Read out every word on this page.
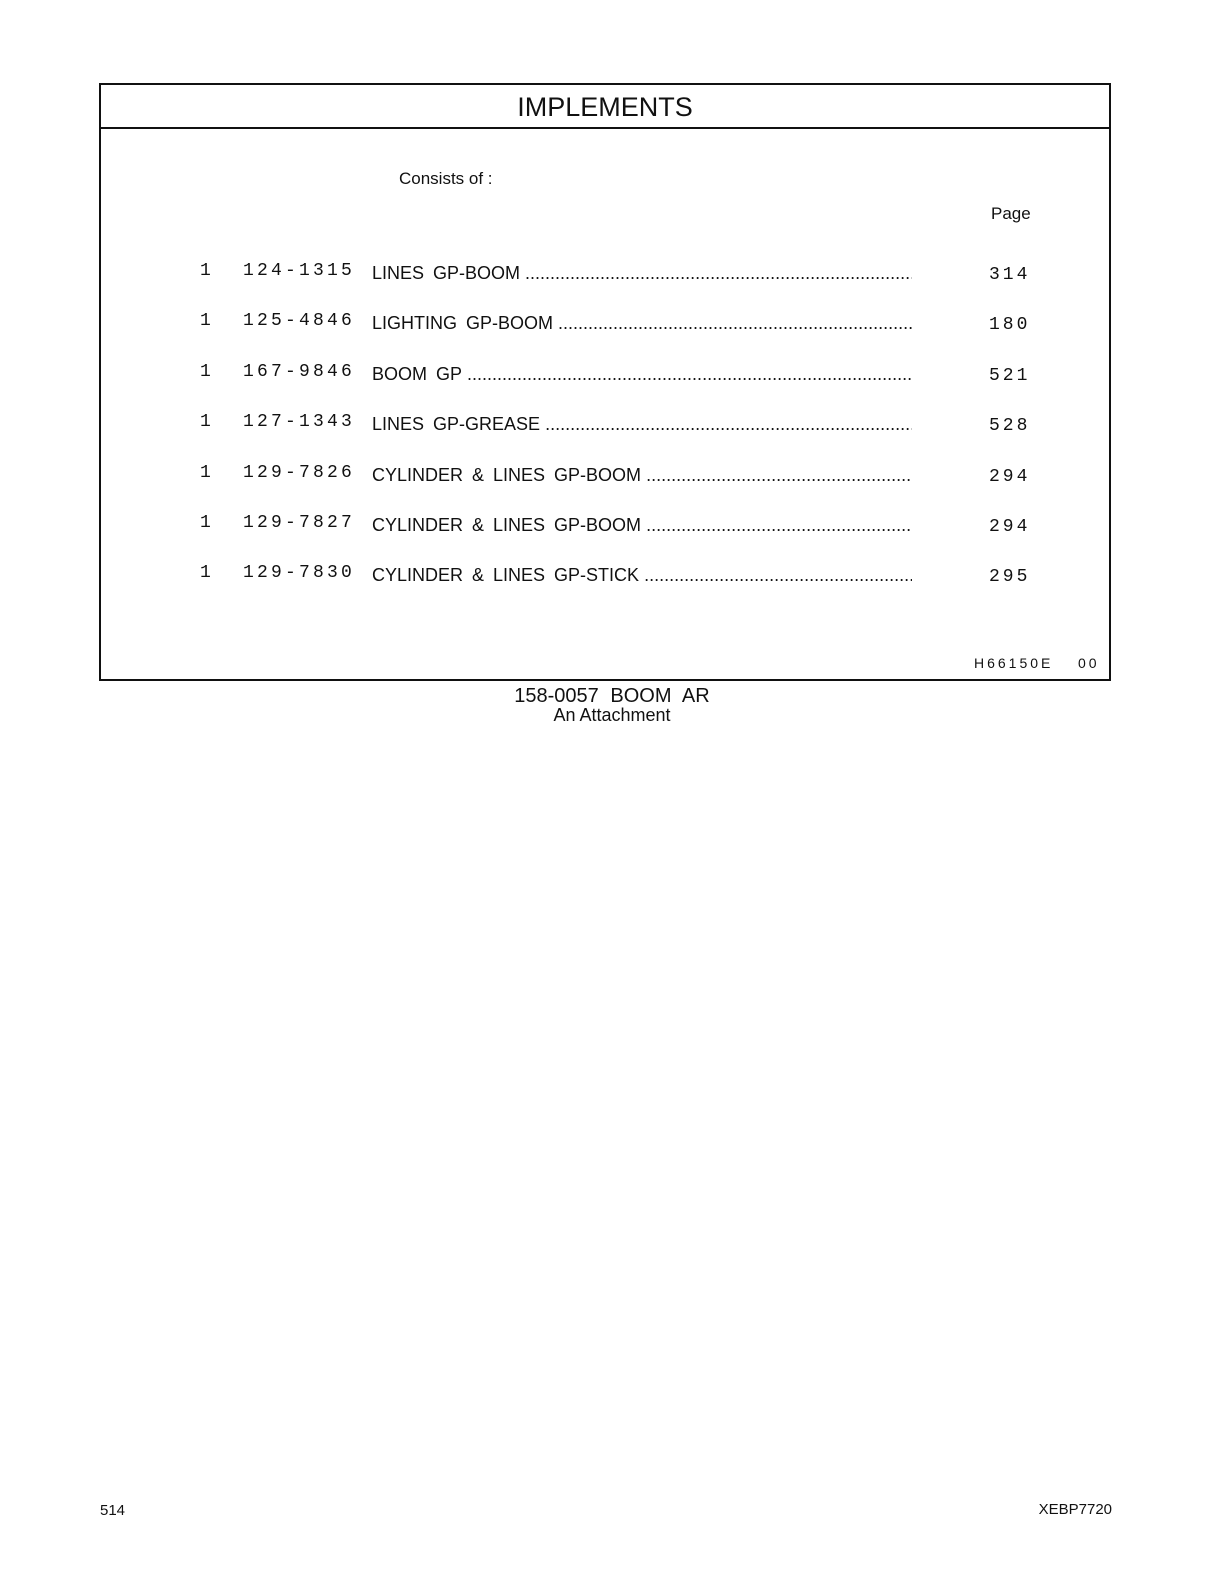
IMPLEMENTS
Consists of :
Page
1 124-1315 LINES GP-BOOM .....	314
1 125-4846 LIGHTING GP-BOOM .....	180
1 167-9846 BOOM GP .....	521
1 127-1343 LINES GP-GREASE .....	528
1 129-7826 CYLINDER & LINES GP-BOOM .....	294
1 129-7827 CYLINDER & LINES GP-BOOM .....	294
1 129-7830 CYLINDER & LINES GP-STICK .....	295
H66150E 00
158-0057 BOOM AR
An Attachment
514	XEBP7720
